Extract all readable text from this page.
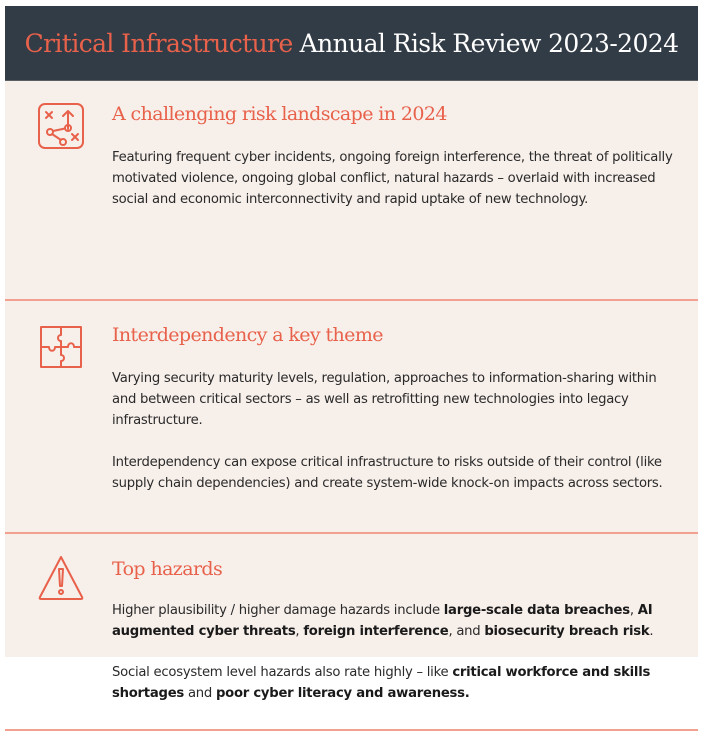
Critical Infrastructure Annual Risk Review 2023-2024
A challenging risk landscape in 2024

Featuring frequent cyber incidents, ongoing foreign interference, the threat of politically motivated violence, ongoing global conflict, natural hazards – overlaid with increased social and economic interconnectivity and rapid uptake of new technology.

Interdependency a key theme

Varying security maturity levels, regulation, approaches to information-sharing within and between critical sectors – as well as retrofitting new technologies into legacy infrastructure.

Interdependency can expose critical infrastructure to risks outside of their control (like supply chain dependencies) and create system-wide knock-on impacts across sectors.

Top hazards

Higher plausibility / higher damage hazards include large-scale data breaches, AI augmented cyber threats, foreign interference, and biosecurity breach risk.

Social ecosystem level hazards also rate highly – like critical workforce and skills shortages and poor cyber literacy and awareness.
